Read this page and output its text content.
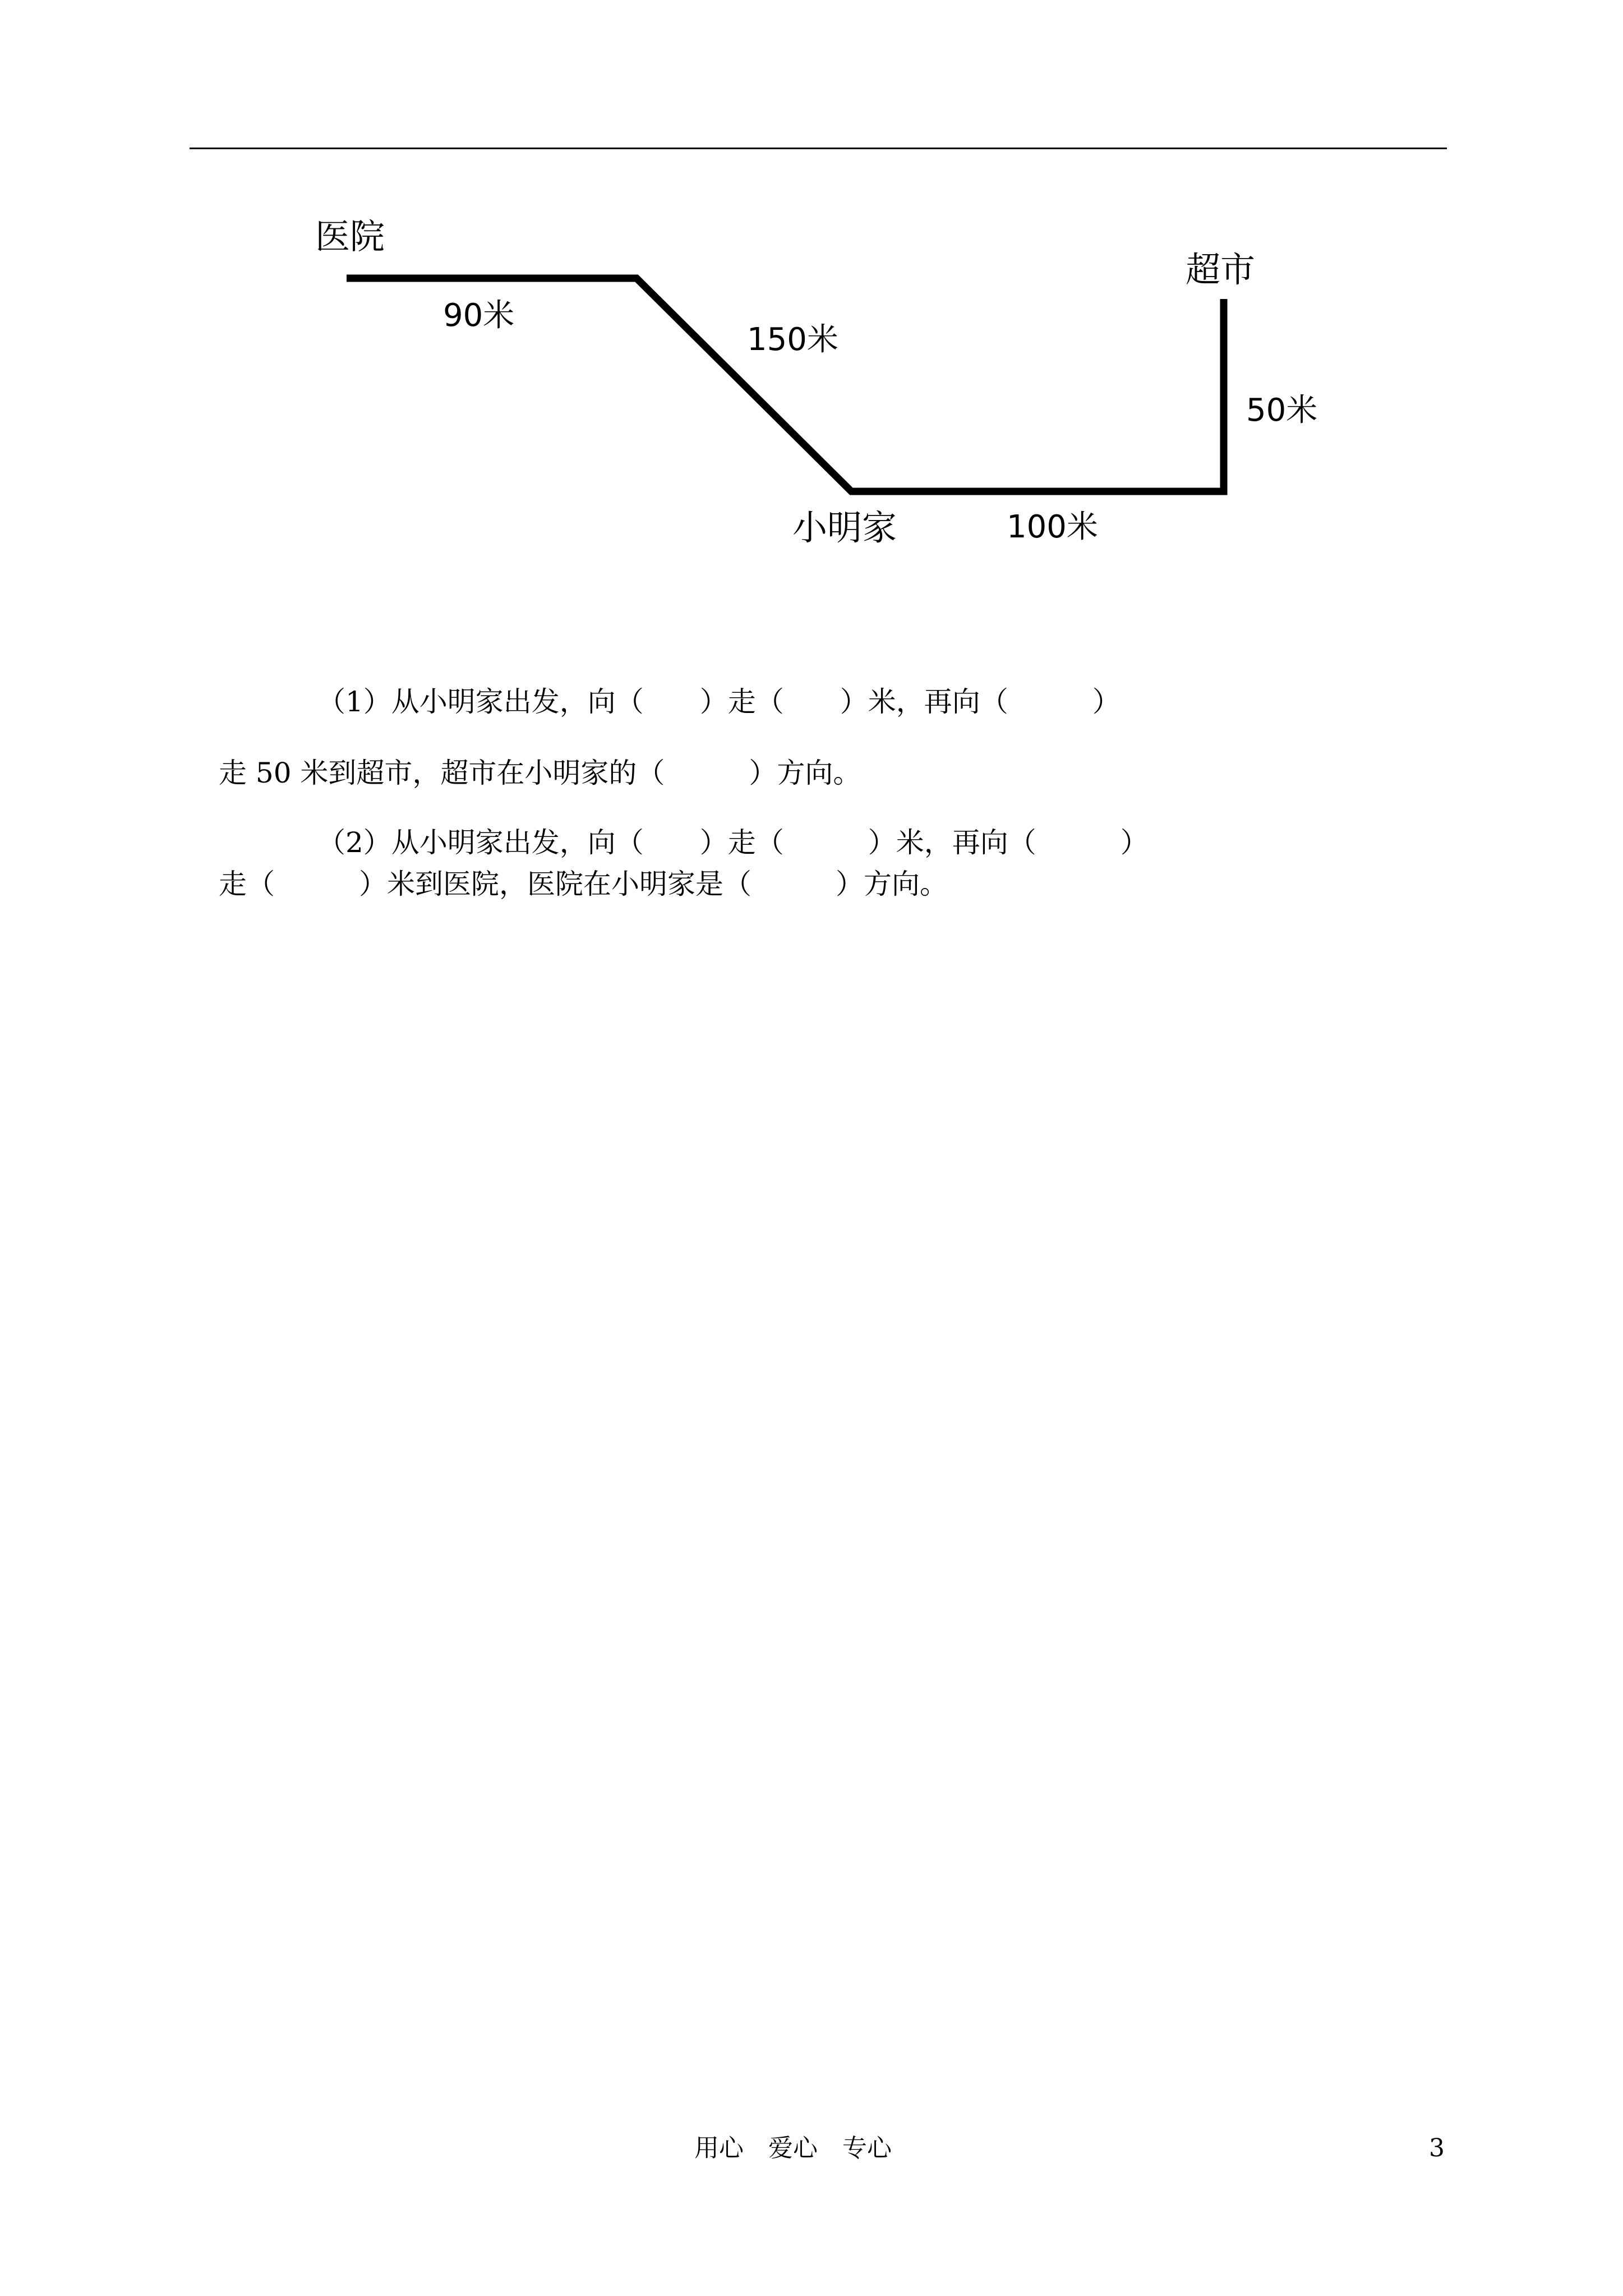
医院
超市
小明家
90米
150米
100米
50米

（1）从小明家出发，向（　　）走（　　）米，再向（　　　）

走 50 米到超市，超市在小明家的（　　　）方向。

（2）从小明家出发，向（　　）走（　　　）米，再向（　　　）

走（　　　）米到医院，医院在小明家是（　　　）方向。

用心　爱心　专心	3
